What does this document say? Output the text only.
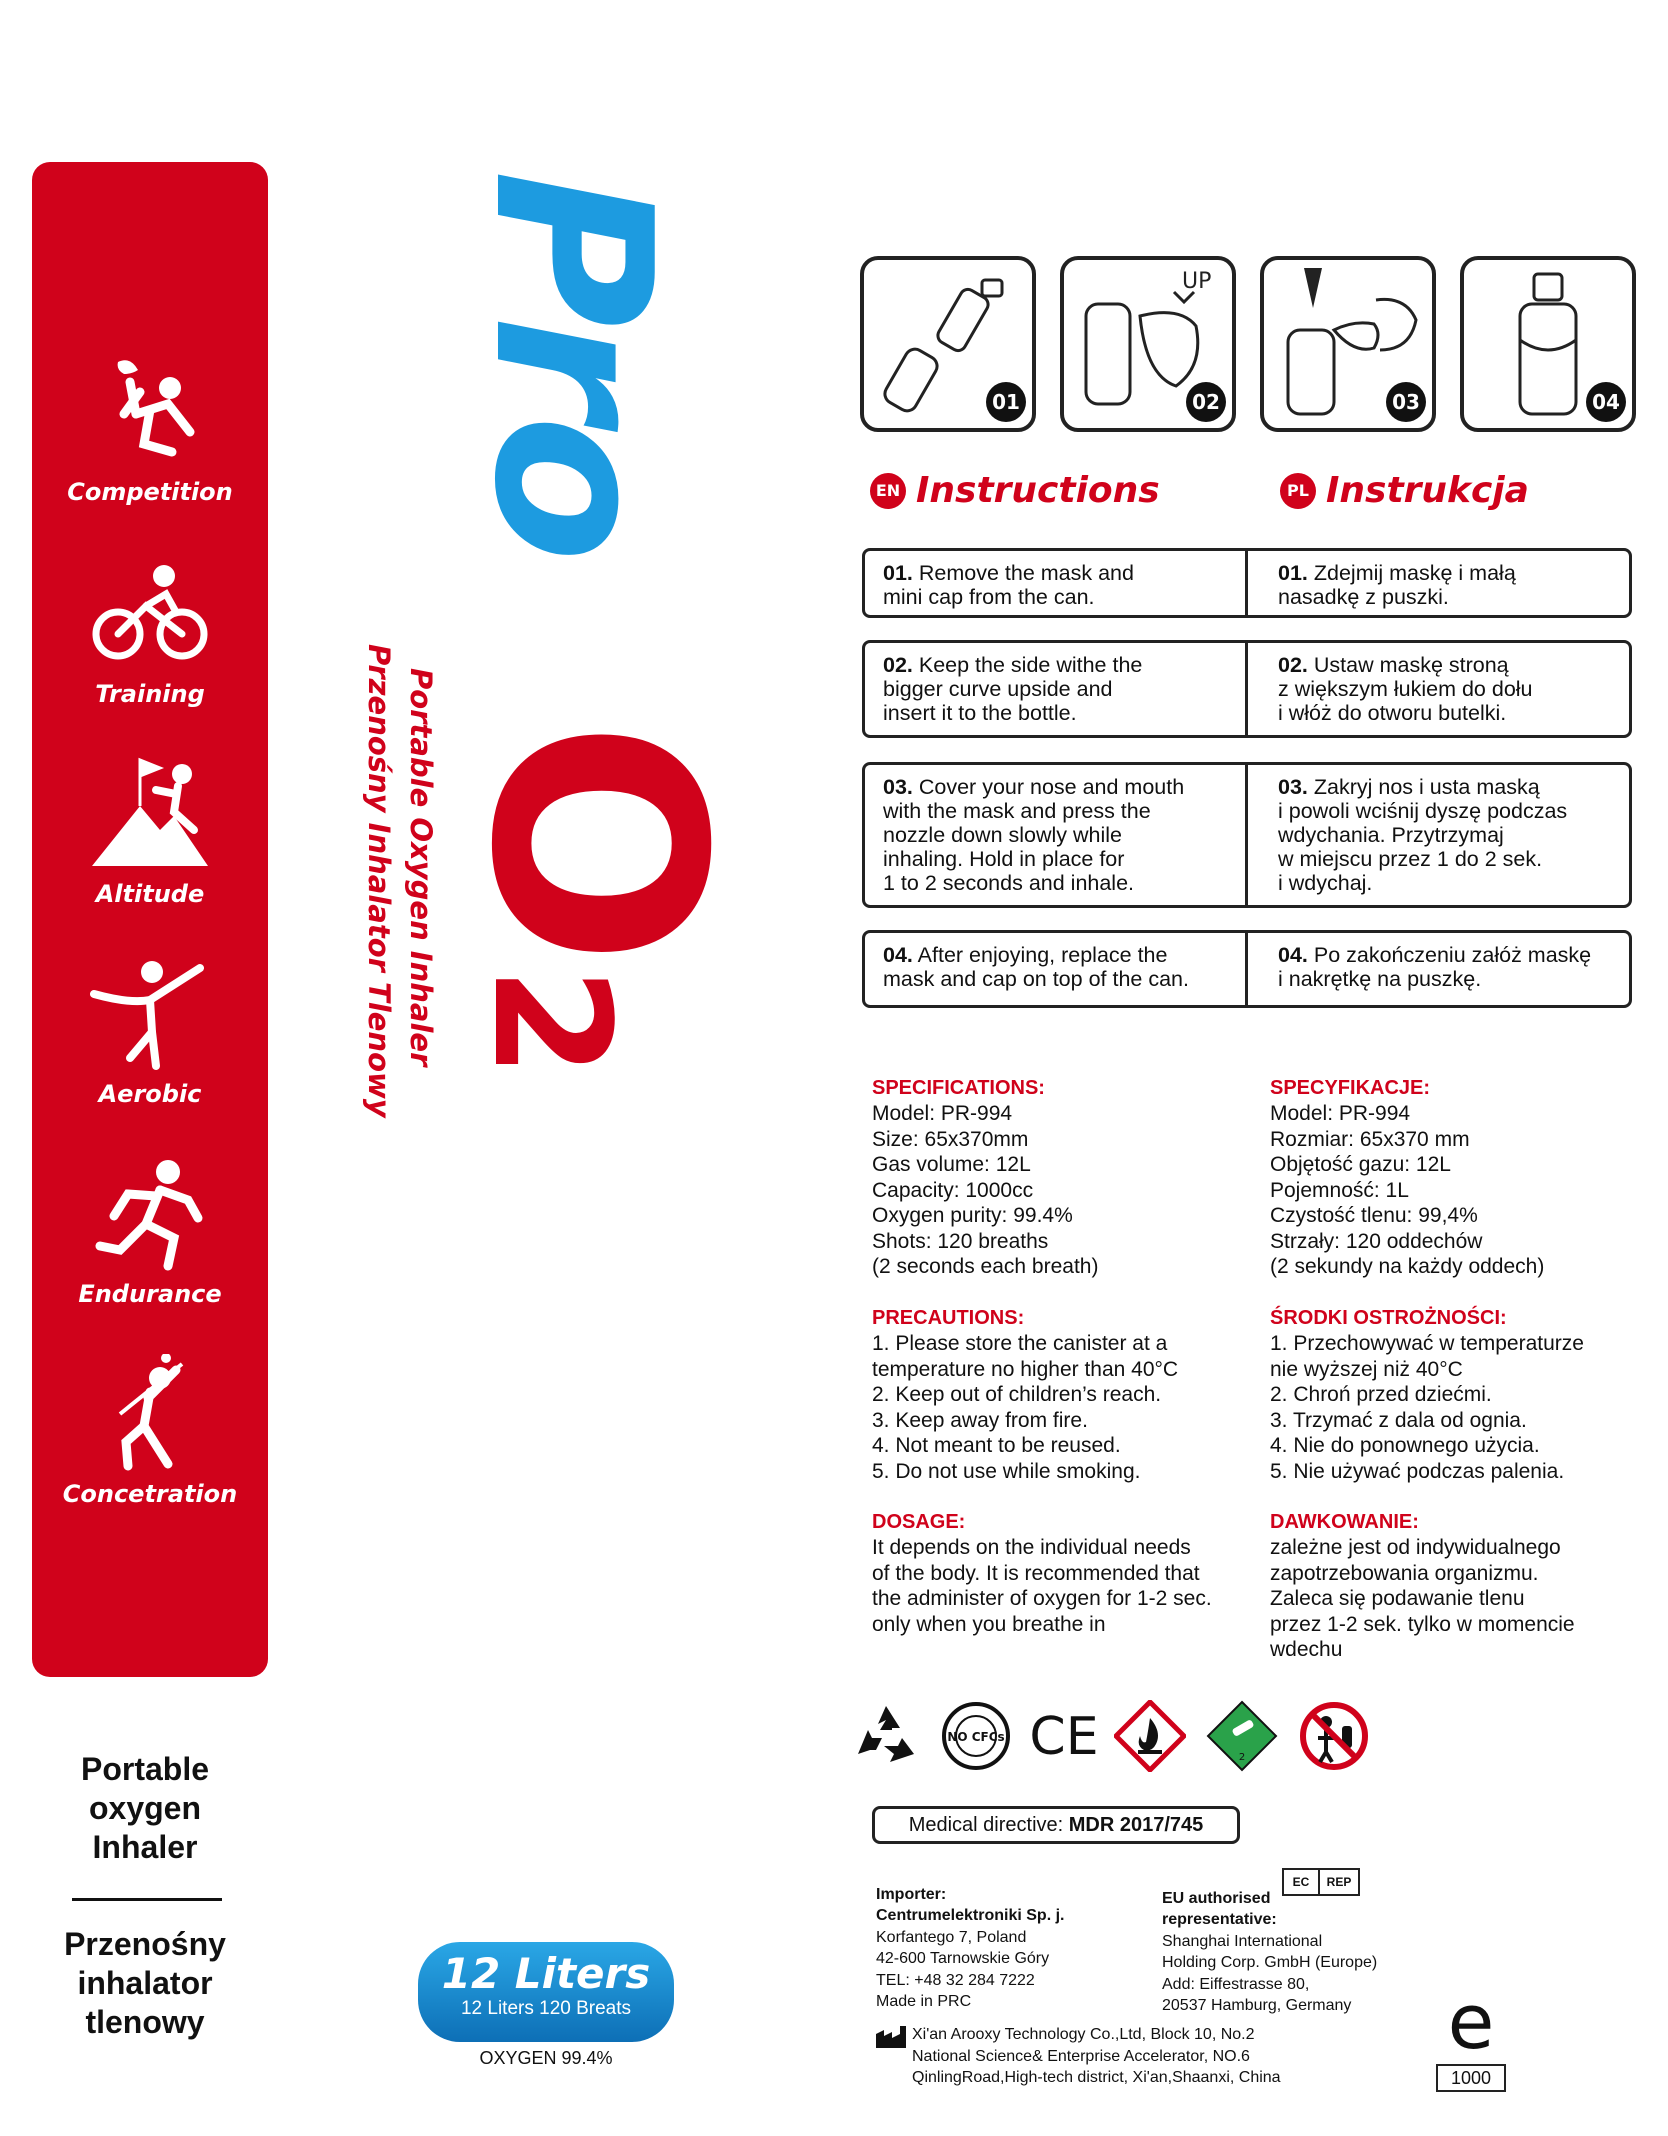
Competition
Training
Altitude
Aerobic
Endurance
Concetration
Portable
oxygen
Inhaler
Przenośny
inhalator
tlenowy
Pro
O2
Portable Oxygen Inhaler
Przenośny Inhalator Tlenowy
12 Liters
12 Liters 120 Breats
OXYGEN 99.4%
01
UP
02	03	04
EN Instructions	PL Instrukcja
01. Remove the mask and
mini cap from the can.
01. Zdejmij maskę i małą
nasadkę z puszki.
02. Keep the side withe the
bigger curve upside and
insert it to the bottle.
02. Ustaw maskę stroną
z większym łukiem do dołu
i włóż do otworu butelki.
03. Cover your nose and mouth
with the mask and press the
nozzle down slowly while
inhaling. Hold in place for
1 to 2 seconds and inhale.
03. Zakryj nos i usta maską
i powoli wciśnij dyszę podczas
wdychania. Przytrzymaj
w miejscu przez 1 do 2 sek.
i wdychaj.
04. After enjoying, replace the
mask and cap on top of the can.
04. Po zakończeniu załóż maskę
i nakrętkę na puszkę.

SPECIFICATIONS:
Model: PR-994
Size: 65x370mm
Gas volume: 12L
Capacity: 1000cc
Oxygen purity: 99.4%
Shots: 120 breaths
(2 seconds each breath)

SPECYFIKACJE:
Model: PR-994
Rozmiar: 65x370 mm
Objętość gazu: 12L
Pojemność: 1L
Czystość tlenu: 99,4%
Strzały: 120 oddechów
(2 sekundy na każdy oddech)

PRECAUTIONS:
1. Please store the canister at a
temperature no higher than 40°C
2. Keep out of children’s reach.
3. Keep away from fire.
4. Not meant to be reused.
5. Do not use while smoking.

ŚRODKI OSTROŻNOŚCI:
1. Przechowywać w temperaturze
nie wyższej niż 40°C
2. Chroń przed dziećmi.
3. Trzymać z dala od ognia.
4. Nie do ponownego użycia.
5. Nie używać podczas palenia.

DOSAGE:
It depends on the individual needs
of the body. It is recommended that
the administer of oxygen for 1-2 sec.
only when you breathe in

DAWKOWANIE:
zależne jest od indywidualnego
zapotrzebowania organizmu.
Zaleca się podawanie tlenu
przez 1-2 sek. tylko w momencie
wdechu

NO CFCs CE	2
Medical directive: MDR 2017/745

Importer:
Centrumelektroniki Sp. j.

Korfantego 7, Poland
42-600 Tarnowskie Góry
TEL: +48 32 284 7222
Made in PRC

EU authorised
representative:

Shanghai International
Holding Corp. GmbH (Europe)
Add: Eiffestrasse 80,
20537 Hamburg, Germany

EC	REP
Xi'an Arooxy Technology Co.,Ltd, Block 10, No.2
National Science& Enterprise Accelerator, NO.6
QinlingRoad,High-tech district, Xi'an,Shaanxi, China
e
1000
